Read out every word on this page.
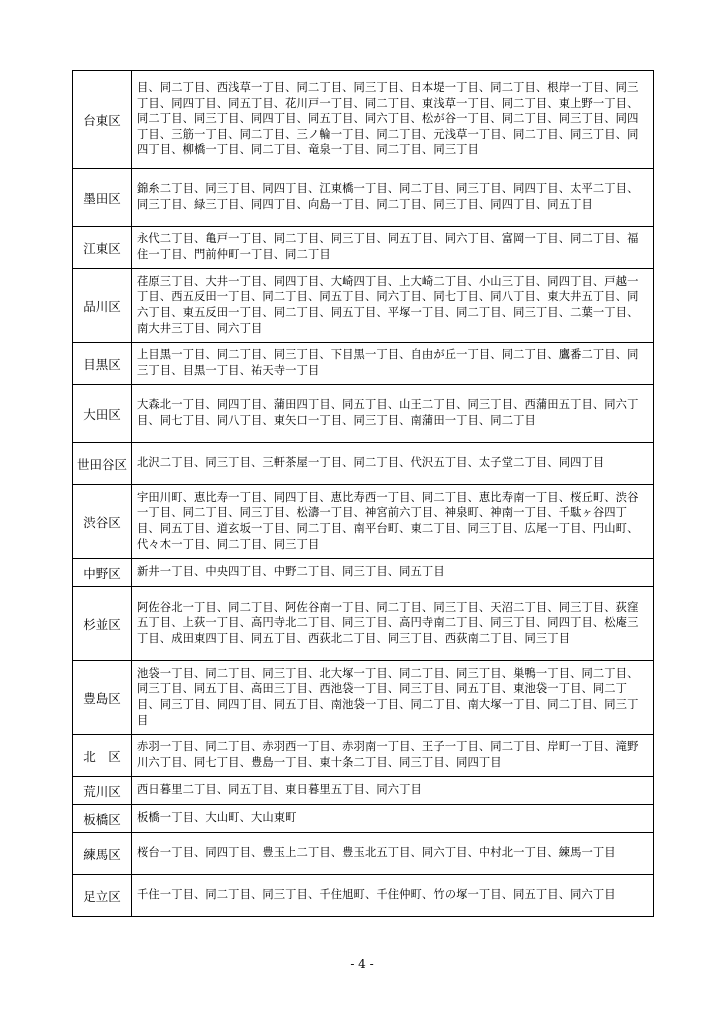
台東区	目、同二丁目、西浅草一丁目、同二丁目、同三丁目、日本堤一丁目、同二丁目、根岸一丁目、同三丁目、同四丁目、同五丁目、花川戸一丁目、同二丁目、東浅草一丁目、同二丁目、東上野一丁目、同二丁目、同三丁目、同四丁目、同五丁目、同六丁目、松が谷一丁目、同二丁目、同三丁目、同四丁目、三筋一丁目、同二丁目、三ノ輪一丁目、同二丁目、元浅草一丁目、同二丁目、同三丁目、同四丁目、柳橋一丁目、同二丁目、竜泉一丁目、同二丁目、同三丁目
墨田区	錦糸二丁目、同三丁目、同四丁目、江東橋一丁目、同二丁目、同三丁目、同四丁目、太平二丁目、同三丁目、緑三丁目、同四丁目、向島一丁目、同二丁目、同三丁目、同四丁目、同五丁目
江東区	永代二丁目、亀戸一丁目、同二丁目、同三丁目、同五丁目、同六丁目、富岡一丁目、同二丁目、福住一丁目、門前仲町一丁目、同二丁目
品川区	荏原三丁目、大井一丁目、同四丁目、大崎四丁目、上大崎二丁目、小山三丁目、同四丁目、戸越一丁目、西五反田一丁目、同二丁目、同五丁目、同六丁目、同七丁目、同八丁目、東大井五丁目、同六丁目、東五反田一丁目、同二丁目、同五丁目、平塚一丁目、同二丁目、同三丁目、二葉一丁目、南大井三丁目、同六丁目
目黒区	上目黒一丁目、同二丁目、同三丁目、下目黒一丁目、自由が丘一丁目、同二丁目、鷹番二丁目、同三丁目、目黒一丁目、祐天寺一丁目
大田区	大森北一丁目、同四丁目、蒲田四丁目、同五丁目、山王二丁目、同三丁目、西蒲田五丁目、同六丁目、同七丁目、同八丁目、東矢口一丁目、同三丁目、南蒲田一丁目、同二丁目
世田谷区	北沢二丁目、同三丁目、三軒茶屋一丁目、同二丁目、代沢五丁目、太子堂二丁目、同四丁目
渋谷区	宇田川町、恵比寿一丁目、同四丁目、恵比寿西一丁目、同二丁目、恵比寿南一丁目、桜丘町、渋谷一丁目、同二丁目、同三丁目、松濤一丁目、神宮前六丁目、神泉町、神南一丁目、千駄ヶ谷四丁目、同五丁目、道玄坂一丁目、同二丁目、南平台町、東二丁目、同三丁目、広尾一丁目、円山町、代々木一丁目、同二丁目、同三丁目
中野区	新井一丁目、中央四丁目、中野二丁目、同三丁目、同五丁目
杉並区	阿佐谷北一丁目、同二丁目、阿佐谷南一丁目、同二丁目、同三丁目、天沼二丁目、同三丁目、荻窪五丁目、上荻一丁目、高円寺北二丁目、同三丁目、高円寺南二丁目、同三丁目、同四丁目、松庵三丁目、成田東四丁目、同五丁目、西荻北二丁目、同三丁目、西荻南二丁目、同三丁目
豊島区	池袋一丁目、同二丁目、同三丁目、北大塚一丁目、同二丁目、同三丁目、巣鴨一丁目、同二丁目、同三丁目、同五丁目、高田三丁目、西池袋一丁目、同三丁目、同五丁目、東池袋一丁目、同二丁目、同三丁目、同四丁目、同五丁目、南池袋一丁目、同二丁目、南大塚一丁目、同二丁目、同三丁目
北　区	赤羽一丁目、同二丁目、赤羽西一丁目、赤羽南一丁目、王子一丁目、同二丁目、岸町一丁目、滝野川六丁目、同七丁目、豊島一丁目、東十条二丁目、同三丁目、同四丁目
荒川区	西日暮里二丁目、同五丁目、東日暮里五丁目、同六丁目
板橋区	板橋一丁目、大山町、大山東町
練馬区	桜台一丁目、同四丁目、豊玉上二丁目、豊玉北五丁目、同六丁目、中村北一丁目、練馬一丁目
足立区	千住一丁目、同二丁目、同三丁目、千住旭町、千住仲町、竹の塚一丁目、同五丁目、同六丁目
- 4 -
